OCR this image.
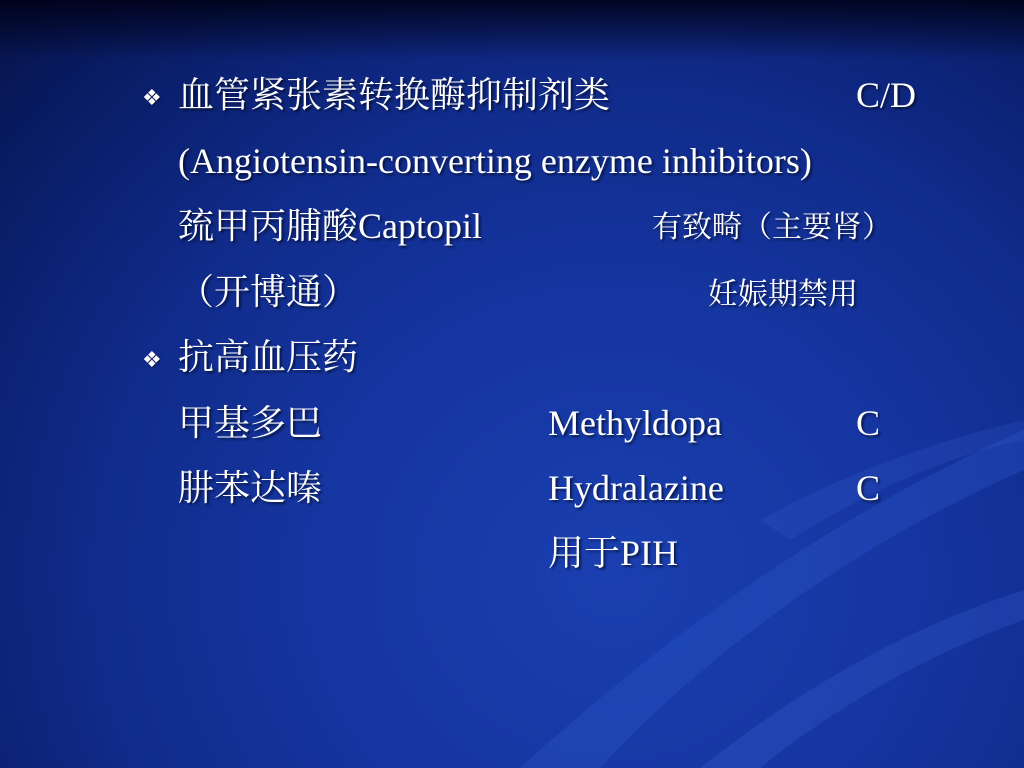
❖ 血管紧张素转换酶抑制剂类	C/D
(Angiotensin-converting enzyme inhibitors)
巯甲丙脯酸Captopil	有致畸（主要肾）
（开博通）	妊娠期禁用
❖ 抗高血压药
甲基多巴	Methyldopa	C
肼苯达嗪	Hydralazine	C
用于PIH
